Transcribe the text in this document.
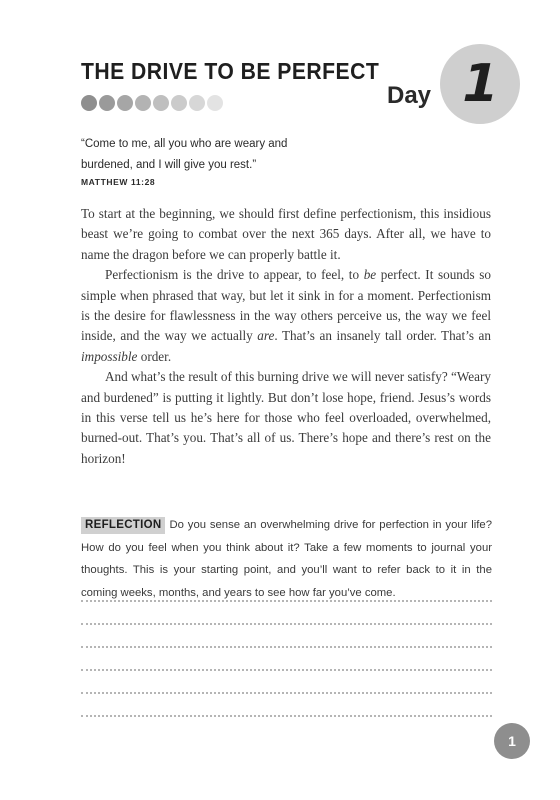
THE DRIVE TO BE PERFECT
Day 1
“Come to me, all you who are weary and burdened, and I will give you rest.”
MATTHEW 11:28

To start at the beginning, we should first define perfectionism, this insidious beast we’re going to combat over the next 365 days. After all, we have to name the dragon before we can properly battle it.

Perfectionism is the drive to appear, to feel, to be perfect. It sounds so simple when phrased that way, but let it sink in for a moment. Perfectionism is the desire for flawlessness in the way others perceive us, the way we feel inside, and the way we actually are. That’s an insanely tall order. That’s an impossible order.

And what’s the result of this burning drive we will never satisfy? “Weary and burdened” is putting it lightly. But don’t lose hope, friend. Jesus’s words in this verse tell us he’s here for those who feel overloaded, overwhelmed, burned-out. That’s you. That’s all of us. There’s hope and there’s rest on the horizon!

REFLECTION Do you sense an overwhelming drive for perfection in your life? How do you feel when you think about it? Take a few moments to journal your thoughts. This is your starting point, and you’ll want to refer back to it in the coming weeks, months, and years to see how far you’ve come.
1
